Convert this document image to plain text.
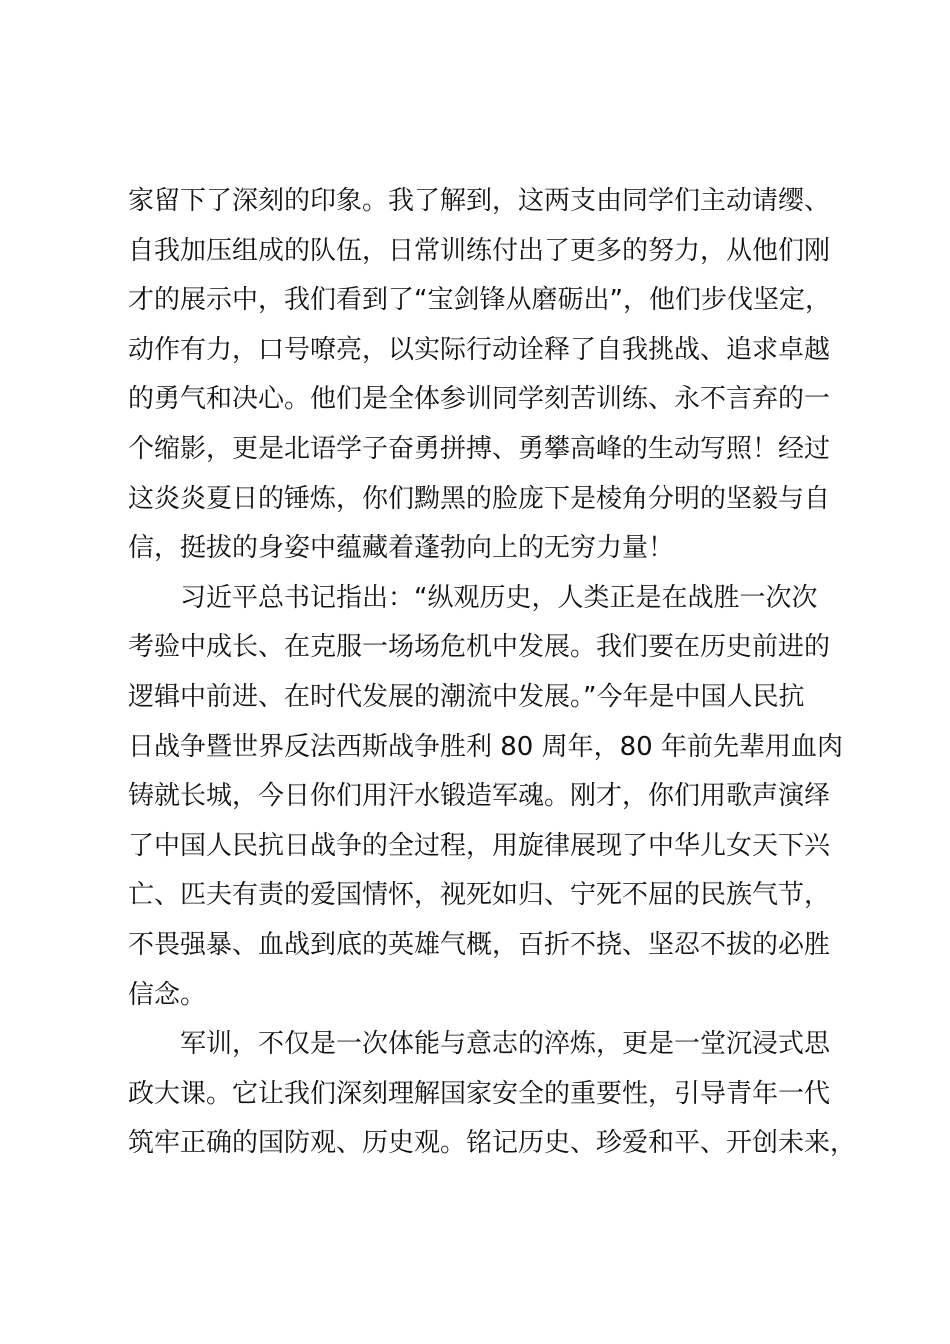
家留下了深刻的印象。我了解到，这两支由同学们主动请缨、
自我加压组成的队伍，日常训练付出了更多的努力，从他们刚
才的展示中，我们看到了“宝剑锋从磨砺出”，他们步伐坚定，
动作有力，口号嘹亮，以实际行动诠释了自我挑战、追求卓越
的勇气和决心。他们是全体参训同学刻苦训练、永不言弃的一
个缩影，更是北语学子奋勇拼搏、勇攀高峰的生动写照！经过
这炎炎夏日的锤炼，你们黝黑的脸庞下是棱角分明的坚毅与自
信，挺拔的身姿中蕴藏着蓬勃向上的无穷力量！
习近平总书记指出：“纵观历史，人类正是在战胜一次次
考验中成长、在克服一场场危机中发展。我们要在历史前进的
逻辑中前进、在时代发展的潮流中发展。”今年是中国人民抗
日战争暨世界反法西斯战争胜利 80 周年，80 年前先辈用血肉
铸就长城，今日你们用汗水锻造军魂。刚才，你们用歌声演绎
了中国人民抗日战争的全过程，用旋律展现了中华儿女天下兴
亡、匹夫有责的爱国情怀，视死如归、宁死不屈的民族气节，
不畏强暴、血战到底的英雄气概，百折不挠、坚忍不拔的必胜
信念。
军训，不仅是一次体能与意志的淬炼，更是一堂沉浸式思
政大课。它让我们深刻理解国家安全的重要性，引导青年一代
筑牢正确的国防观、历史观。铭记历史、珍爱和平、开创未来，
